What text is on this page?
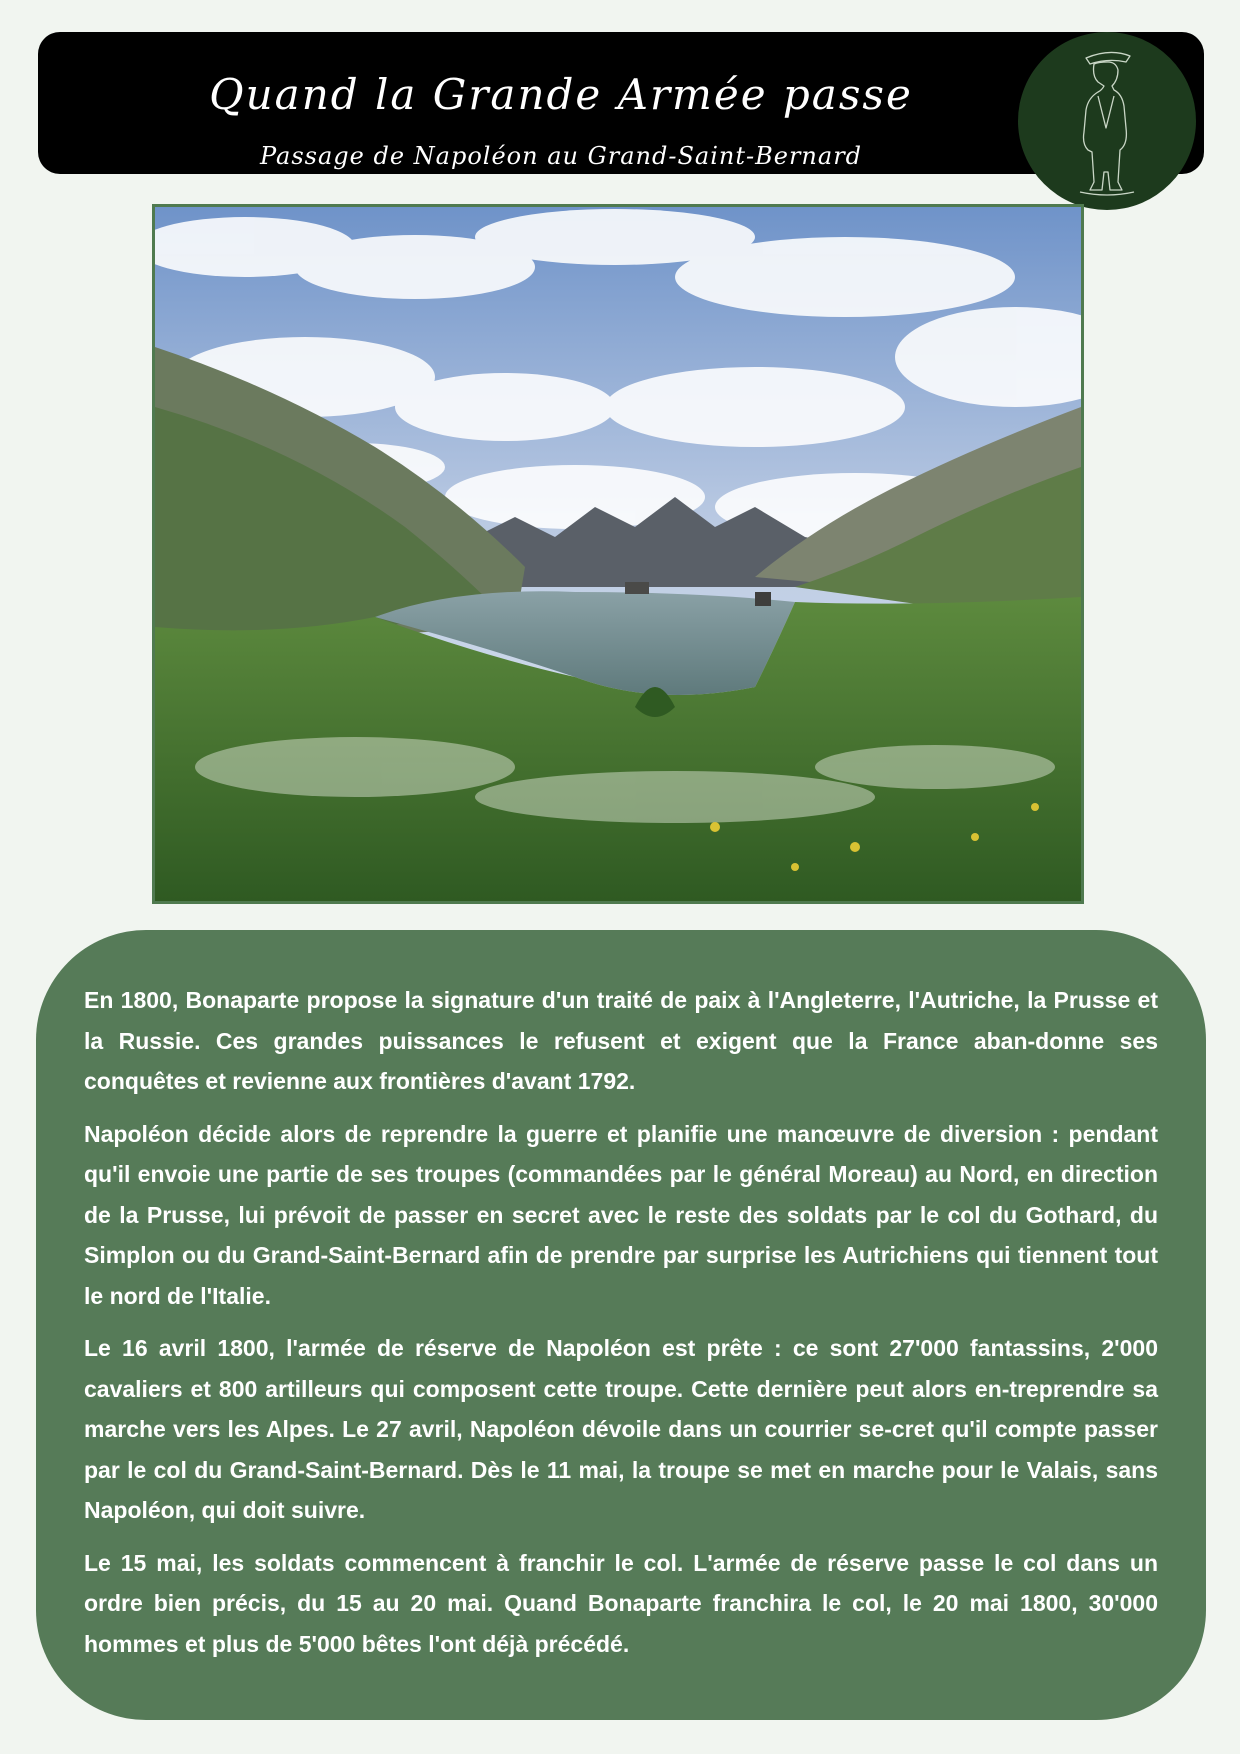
Quand la Grande Armée passe
Passage de Napoléon au Grand-Saint-Bernard

En 1800, Bonaparte propose la signature d'un traité de paix à l'Angleterre, l'Autriche, la Prusse et la Russie. Ces grandes puissances le refusent et exigent que la France aban-donne ses conquêtes et revienne aux frontières d'avant 1792.

Napoléon décide alors de reprendre la guerre et planifie une manœuvre de diversion : pendant qu'il envoie une partie de ses troupes (commandées par le général Moreau) au Nord, en direction de la Prusse, lui prévoit de passer en secret avec le reste des soldats par le col du Gothard, du Simplon ou du Grand-Saint-Bernard afin de prendre par surprise les Autrichiens qui tiennent tout le nord de l'Italie.

Le 16 avril 1800, l'armée de réserve de Napoléon est prête : ce sont 27'000 fantassins, 2'000 cavaliers et 800 artilleurs qui composent cette troupe. Cette dernière peut alors en-treprendre sa marche vers les Alpes. Le 27 avril, Napoléon dévoile dans un courrier se-cret qu'il compte passer par le col du Grand-Saint-Bernard. Dès le 11 mai, la troupe se met en marche pour le Valais, sans Napoléon, qui doit suivre.

Le 15 mai, les soldats commencent à franchir le col. L'armée de réserve passe le col dans un ordre bien précis, du 15 au 20 mai. Quand Bonaparte franchira le col, le 20 mai 1800, 30'000 hommes et plus de 5'000 bêtes l'ont déjà précédé.
